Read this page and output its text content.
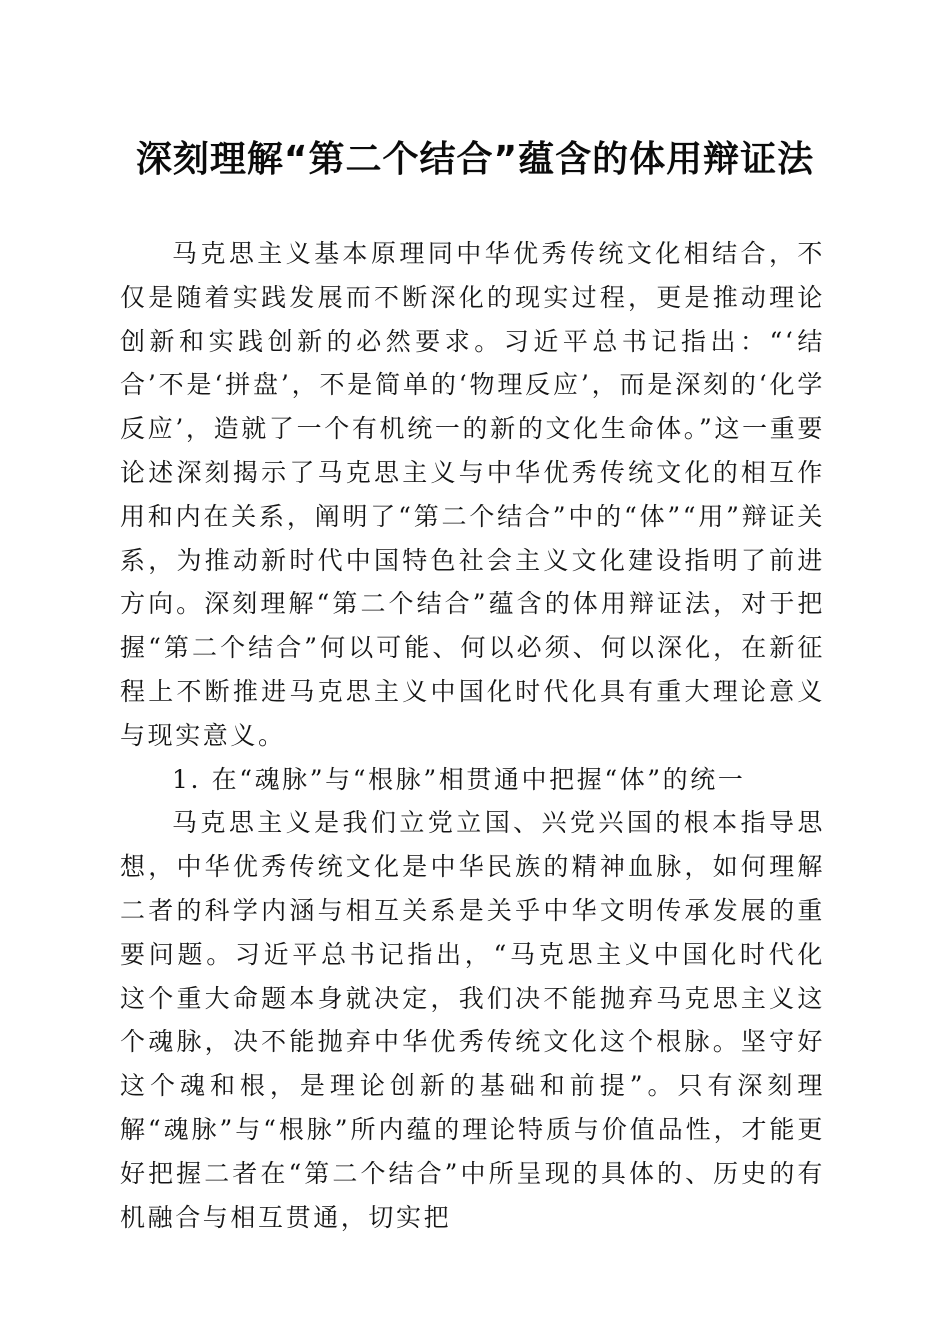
深刻理解“第二个结合”蕴含的体用辩证法

马克思主义基本原理同中华优秀传统文化相结合，不仅是随着实践发展而不断深化的现实过程，更是推动理论创新和实践创新的必然要求。习近平总书记指出：“‘结合’不是‘拼盘’，不是简单的‘物理反应’，而是深刻的‘化学反应’，造就了一个有机统一的新的文化生命体。”这一重要论述深刻揭示了马克思主义与中华优秀传统文化的相互作用和内在关系，阐明了“第二个结合”中的“体”“用”辩证关系，为推动新时代中国特色社会主义文化建设指明了前进方向。深刻理解“第二个结合”蕴含的体用辩证法，对于把握“第二个结合”何以可能、何以必须、何以深化，在新征程上不断推进马克思主义中国化时代化具有重大理论意义与现实意义。

1. 在“魂脉”与“根脉”相贯通中把握“体”的统一

马克思主义是我们立党立国、兴党兴国的根本指导思想，中华优秀传统文化是中华民族的精神血脉，如何理解二者的科学内涵与相互关系是关乎中华文明传承发展的重要问题。习近平总书记指出，“马克思主义中国化时代化这个重大命题本身就决定，我们决不能抛弃马克思主义这个魂脉，决不能抛弃中华优秀传统文化这个根脉。坚守好这个魂和根，是理论创新的基础和前提”。只有深刻理解“魂脉”与“根脉”所内蕴的理论特质与价值品性，才能更好把握二者在“第二个结合”中所呈现的具体的、历史的有机融合与相互贯通，切实把
